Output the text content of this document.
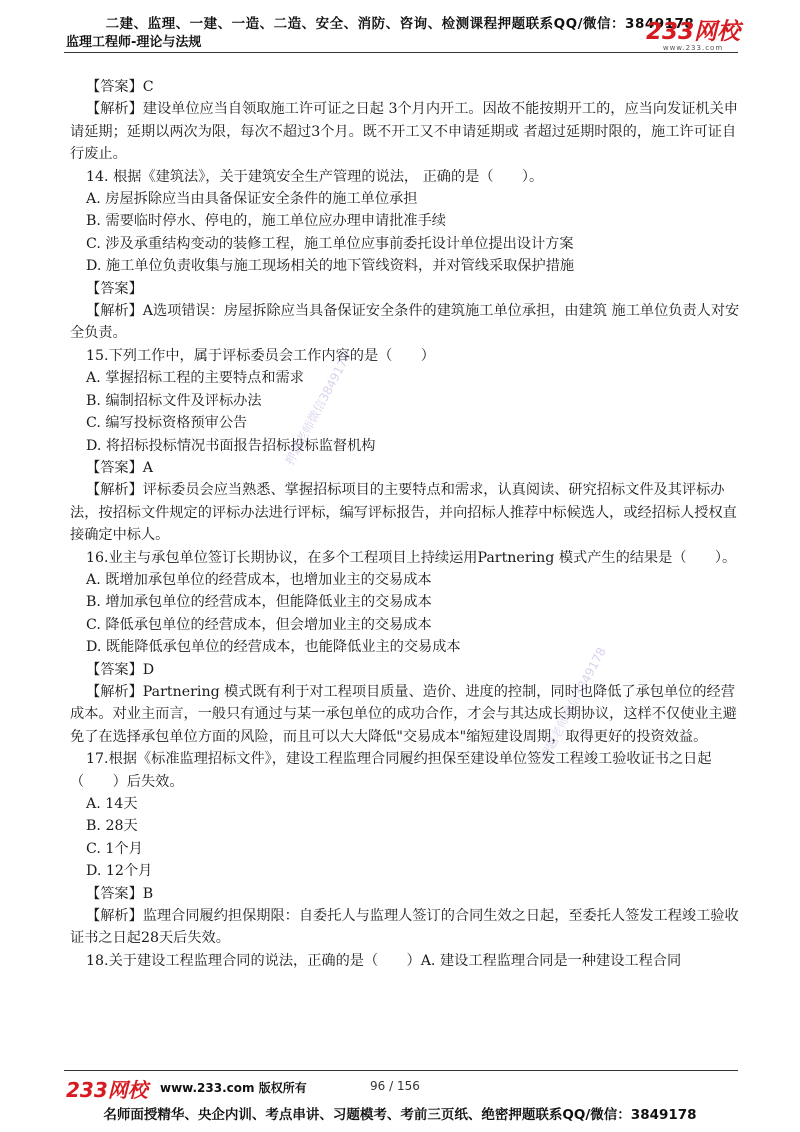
二建、监理、一建、一造、二造、安全、消防、咨询、检测课程押题联系QQ/微信：3849178
监理工程师-理论与法规	233网校
www.233.com

【答案】C

【解析】建设单位应当自领取施工许可证之日起 3个月内开工。因故不能按期开工的，应当向发证机关申请延期；延期以两次为限，每次不超过3个月。既不开工又不申请延期或 者超过延期时限的，施工许可证自行废止。

14. 根据《建筑法》，关于建筑安全生产管理的说法， 正确的是（　　）。

A. 房屋拆除应当由具备保证安全条件的施工单位承担

B. 需要临时停水、停电的，施工单位应办理申请批准手续

C. 涉及承重结构变动的装修工程，施工单位应事前委托设计单位提出设计方案

D. 施工单位负责收集与施工现场相关的地下管线资料，并对管线采取保护措施

【答案】

【解析】A选项错误：房屋拆除应当具备保证安全条件的建筑施工单位承担，由建筑 施工单位负责人对安全负责。

15.下列工作中，属于评标委员会工作内容的是（　　）

A. 掌握招标工程的主要特点和需求

B. 编制招标文件及评标办法

C. 编写投标资格预审公告

D. 将招标投标情况书面报告招标投标监督机构

【答案】A

【解析】评标委员会应当熟悉、掌握招标项目的主要特点和需求，认真阅读、研究招标文件及其评标办法，按招标文件规定的评标办法进行评标，编写评标报告，并向招标人推荐中标候选人，或经招标人授权直接确定中标人。

16.业主与承包单位签订长期协议，在多个工程项目上持续运用Partnering 模式产生的结果是（　　）。

A. 既增加承包单位的经营成本，也增加业主的交易成本

B. 增加承包单位的经营成本，但能降低业主的交易成本

C. 降低承包单位的经营成本，但会增加业主的交易成本

D. 既能降低承包单位的经营成本，也能降低业主的交易成本

【答案】D

【解析】Partnering 模式既有利于对工程项目质量、造价、进度的控制，同时也降低了承包单位的经营成本。对业主而言，一般只有通过与某一承包单位的成功合作，才会与其达成长期协议，这样不仅使业主避免了在选择承包单位方面的风险，而且可以大大降低"交易成本"缩短建设周期，取得更好的投资效益。

17.根据《标准监理招标文件》，建设工程监理合同履约担保至建设单位签发工程竣工验收证书之日起（　　）后失效。

A. 14天

B. 28天

C. 1个月

D. 12个月

【答案】B

【解析】监理合同履约担保期限：自委托人与监理人签订的合同生效之日起，至委托人签发工程竣工验收证书之日起28天后失效。

18.关于建设工程监理合同的说法，正确的是（　　）A. 建设工程监理合同是一种建设工程合同

押题老师微信3849178
押题老师微信3849178
233网校 www.233.com 版权所有	96 / 156
名师面授精华、央企内训、考点串讲、习题模考、考前三页纸、绝密押题联系QQ/微信：3849178
